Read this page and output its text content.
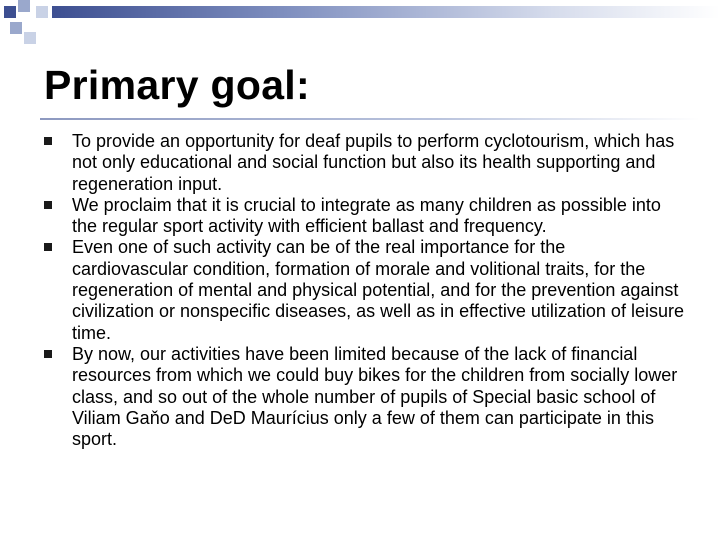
Primary goal:
To provide an opportunity for deaf pupils to perform cyclotourism, which has not only educational and social function but also its health supporting and regeneration input.
We proclaim that it is crucial to integrate as many children as possible into the regular sport activity with efficient ballast and frequency.
Even one of such activity can be of the real importance for the cardiovascular condition, formation of morale and volitional traits, for the regeneration of mental and physical potential, and for the prevention against civilization or nonspecific diseases, as well as in effective utilization of leisure time.
By now, our activities have been limited because of the lack of financial resources from which we could buy bikes for the children from socially lower class, and so out of the whole number of pupils of Special basic school of Viliam Gaňo and DeD Maurícius only a few of them can participate in this sport.
